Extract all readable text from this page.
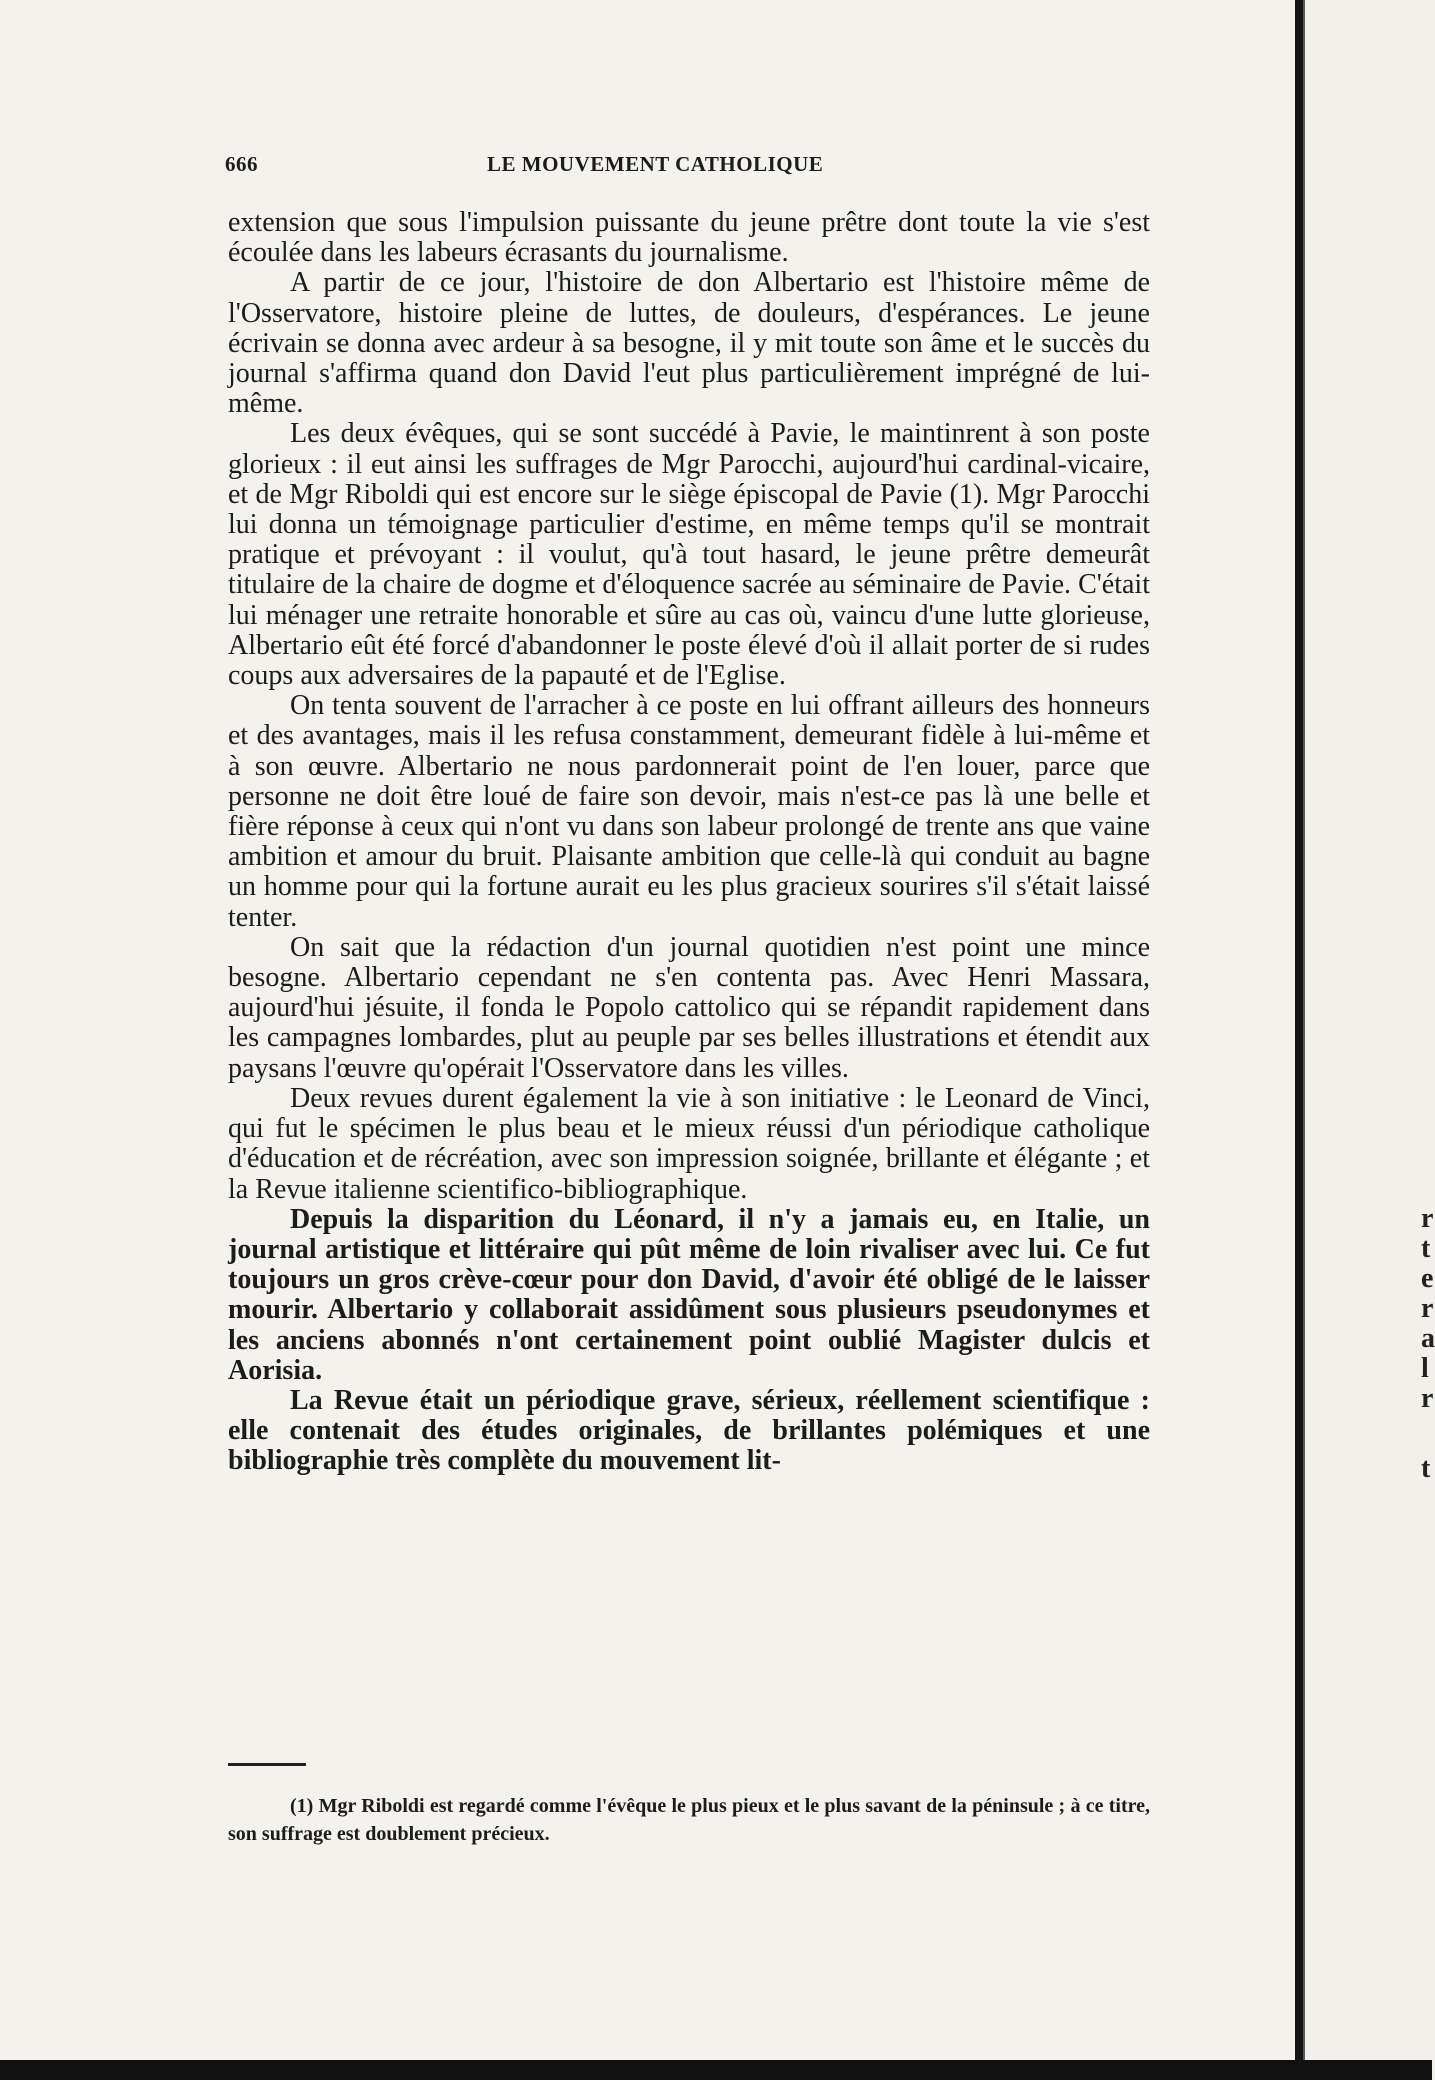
666	LE MOUVEMENT CATHOLIQUE

extension que sous l'impulsion puissante du jeune prêtre dont toute la vie s'est écoulée dans les labeurs écrasants du journalisme.

A partir de ce jour, l'histoire de don Albertario est l'histoire même de l'Osservatore, histoire pleine de luttes, de douleurs, d'espérances. Le jeune écrivain se donna avec ardeur à sa besogne, il y mit toute son âme et le succès du journal s'affirma quand don David l'eut plus particulièrement imprégné de lui-même.

Les deux évêques, qui se sont succédé à Pavie, le maintinrent à son poste glorieux : il eut ainsi les suffrages de Mgr Parocchi, aujourd'hui cardinal-vicaire, et de Mgr Riboldi qui est encore sur le siège épiscopal de Pavie (1). Mgr Parocchi lui donna un témoignage particulier d'estime, en même temps qu'il se montrait pratique et prévoyant : il voulut, qu'à tout hasard, le jeune prêtre demeurât titulaire de la chaire de dogme et d'éloquence sacrée au séminaire de Pavie. C'était lui ménager une retraite honorable et sûre au cas où, vaincu d'une lutte glorieuse, Albertario eût été forcé d'abandonner le poste élevé d'où il allait porter de si rudes coups aux adversaires de la papauté et de l'Eglise.

On tenta souvent de l'arracher à ce poste en lui offrant ailleurs des honneurs et des avantages, mais il les refusa constamment, demeurant fidèle à lui-même et à son œuvre. Albertario ne nous pardonnerait point de l'en louer, parce que personne ne doit être loué de faire son devoir, mais n'est-ce pas là une belle et fière réponse à ceux qui n'ont vu dans son labeur prolongé de trente ans que vaine ambition et amour du bruit. Plaisante ambition que celle-là qui conduit au bagne un homme pour qui la fortune aurait eu les plus gracieux sourires s'il s'était laissé tenter.

On sait que la rédaction d'un journal quotidien n'est point une mince besogne. Albertario cependant ne s'en contenta pas. Avec Henri Massara, aujourd'hui jésuite, il fonda le Popolo cattolico qui se répandit rapidement dans les campagnes lombardes, plut au peuple par ses belles illustrations et étendit aux paysans l'œuvre qu'opérait l'Osservatore dans les villes.

Deux revues durent également la vie à son initiative : le Leonard de Vinci, qui fut le spécimen le plus beau et le mieux réussi d'un périodique catholique d'éducation et de récréation, avec son impression soignée, brillante et élégante ; et la Revue italienne scientifico-bibliographique.

Depuis la disparition du Léonard, il n'y a jamais eu, en Italie, un journal artistique et littéraire qui pût même de loin rivaliser avec lui. Ce fut toujours un gros crève-cœur pour don David, d'avoir été obligé de le laisser mourir. Albertario y collaborait assidûment sous plusieurs pseudonymes et les anciens abonnés n'ont certainement point oublié Magister dulcis et Aorisia.

La Revue était un périodique grave, sérieux, réellement scientifique : elle contenait des études originales, de brillantes polémiques et une bibliographie très complète du mouvement lit-

(1) Mgr Riboldi est regardé comme l'évêque le plus pieux et le plus savant de la péninsule ; à ce titre, son suffrage est doublement précieux.
r
t
e
r
a
l
r
t
